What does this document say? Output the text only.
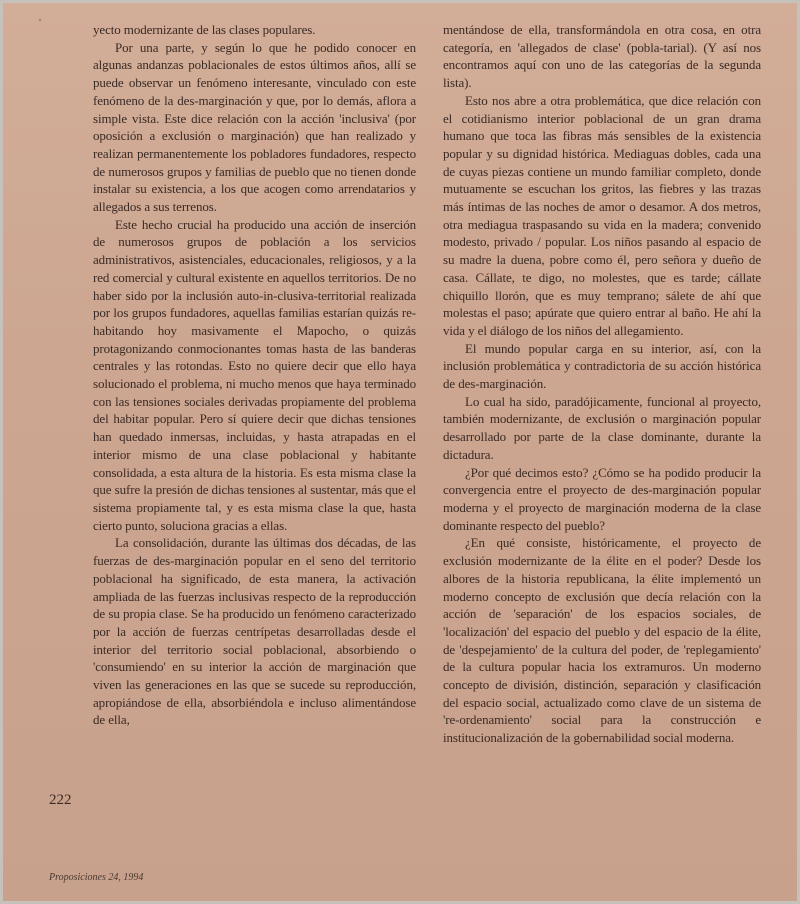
'	yecto modernizante de las clases populares.

Por una parte, y según lo que he podido conocer en algunas andanzas poblacionales de estos últimos años, allí se puede observar un fenómeno interesante, vinculado con este fenómeno de la des-marginación y que, por lo demás, aflora a simple vista. Este dice relación con la acción 'inclusiva' (por oposición a exclusión o marginación) que han realizado y realizan permanentemente los pobladores fundadores, respecto de numerosos grupos y familias de pueblo que no tienen donde instalar su existencia, a los que acogen como arrendatarios y allegados a sus terrenos.

Este hecho crucial ha producido una acción de inserción de numerosos grupos de población a los servicios administrativos, asistenciales, educacionales, religiosos, y a la red comercial y cultural existente en aquellos territorios. De no haber sido por la inclusión auto-in-clusiva-territorial realizada por los grupos fundadores, aquellas familias estarían quizás re-habitando hoy masivamente el Mapocho, o quizás protagonizando conmocionantes tomas hasta de las banderas centrales y las rotondas. Esto no quiere decir que ello haya solucionado el problema, ni mucho menos que haya terminado con las tensiones sociales derivadas propiamente del problema del habitar popular. Pero sí quiere decir que dichas tensiones han quedado inmersas, incluidas, y hasta atrapadas en el interior mismo de una clase poblacional y habitante consolidada, a esta altura de la historia. Es esta misma clase la que sufre la presión de dichas tensiones al sustentar, más que el sistema propiamente tal, y es esta misma clase la que, hasta cierto punto, soluciona gracias a ellas.

La consolidación, durante las últimas dos décadas, de las fuerzas de des-marginación popular en el seno del territorio poblacional ha significado, de esta manera, la activación ampliada de las fuerzas inclusivas respecto de la reproducción de su propia clase. Se ha producido un fenómeno caracterizado por la acción de fuerzas centrípetas desarrolladas desde el interior del territorio social poblacional, absorbiendo o 'consumiendo' en su interior la acción de marginación que viven las generaciones en las que se sucede su reproducción, apropiándose de ella, absorbiéndola e incluso alimentándose de ella,

mentándose de ella, transformándola en otra cosa, en otra categoría, en 'allegados de clase' (pobla-tarial). (Y así nos encontramos aquí con uno de las categorías de la segunda lista).

Esto nos abre a otra problemática, que dice relación con el cotidianismo interior poblacional de un gran drama humano que toca las fibras más sensibles de la existencia popular y su dignidad histórica. Mediaguas dobles, cada una de cuyas piezas contiene un mundo familiar completo, donde mutuamente se escuchan los gritos, las fiebres y las trazas más íntimas de las noches de amor o desamor. A dos metros, otra mediagua traspasando su vida en la madera; convenido modesto, privado / popular. Los niños pasando al espacio de su madre la duena, pobre como él, pero señora y dueño de casa. Cállate, te digo, no molestes, que es tarde; cállate chiquillo llorón, que es muy temprano; sálete de ahí que molestas el paso; apúrate que quiero entrar al baño. He ahí la vida y el diálogo de los niños del allegamiento.

El mundo popular carga en su interior, así, con la inclusión problemática y contradictoria de su acción histórica de des-marginación.

Lo cual ha sido, paradójicamente, funcional al proyecto, también modernizante, de exclusión o marginación popular desarrollado por parte de la clase dominante, durante la dictadura.

¿Por qué decimos esto? ¿Cómo se ha podido producir la convergencia entre el proyecto de des-marginación popular moderna y el proyecto de marginación moderna de la clase dominante respecto del pueblo?

¿En qué consiste, históricamente, el proyecto de exclusión modernizante de la élite en el poder? Desde los albores de la historia republicana, la élite implementó un moderno concepto de exclusión que decía relación con la acción de 'separación' de los espacios sociales, de 'localización' del espacio del pueblo y del espacio de la élite, de 'despejamiento' de la cultura del poder, de 'replegamiento' de la cultura popular hacia los extramuros. Un moderno concepto de división, distinción, separación y clasificación del espacio social, actualizado como clave de un sistema de 're-ordenamiento' social para la construcción e institucionalización de la gobernabilidad social moderna.

222
Proposiciones 24, 1994
